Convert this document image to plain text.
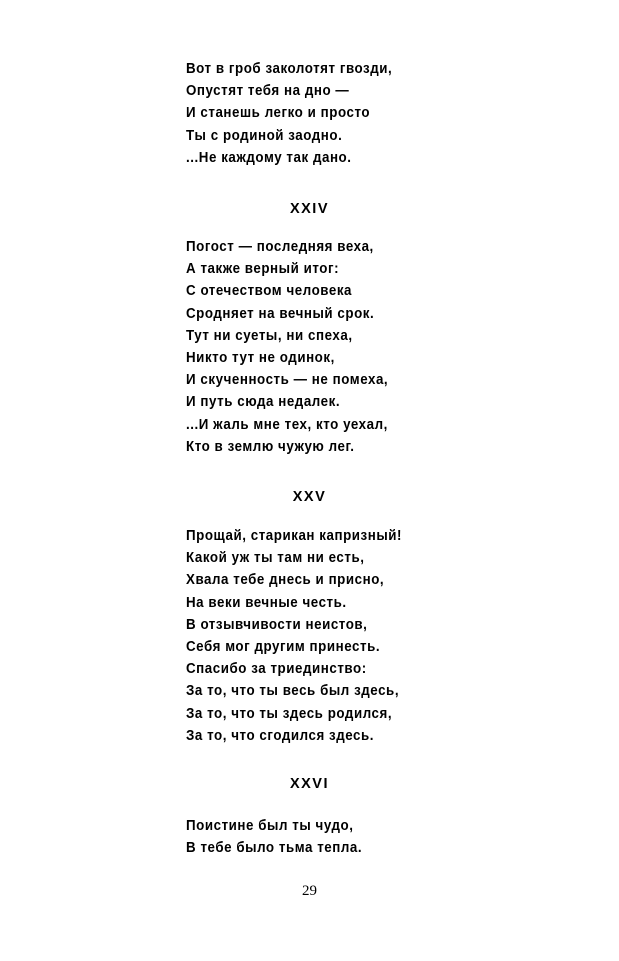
Вот в гроб заколотят гвозди,
Опустят тебя на дно —
И станешь легко и просто
Ты с родиной заодно.
...Не каждому так дано.
XXIV
Погост — последняя веха,
А также верный итог:
С отечеством человека
Сродняет на вечный срок.
Тут ни суеты, ни спеха,
Никто тут не одинок,
И скученность — не помеха,
И путь сюда недалек.
...И жаль мне тех, кто уехал,
Кто в землю чужую лег.
XXV
Прощай, старикан капризный!
Какой уж ты там ни есть,
Хвала тебе днесь и присно,
На веки вечные честь.
В отзывчивости неистов,
Себя мог другим принесть.
Спасибо за триединство:
За то, что ты весь был здесь,
За то, что ты здесь родился,
За то, что сгодился здесь.
XXVI
Поистине был ты чудо,
В тебе было тьма тепла.
29
